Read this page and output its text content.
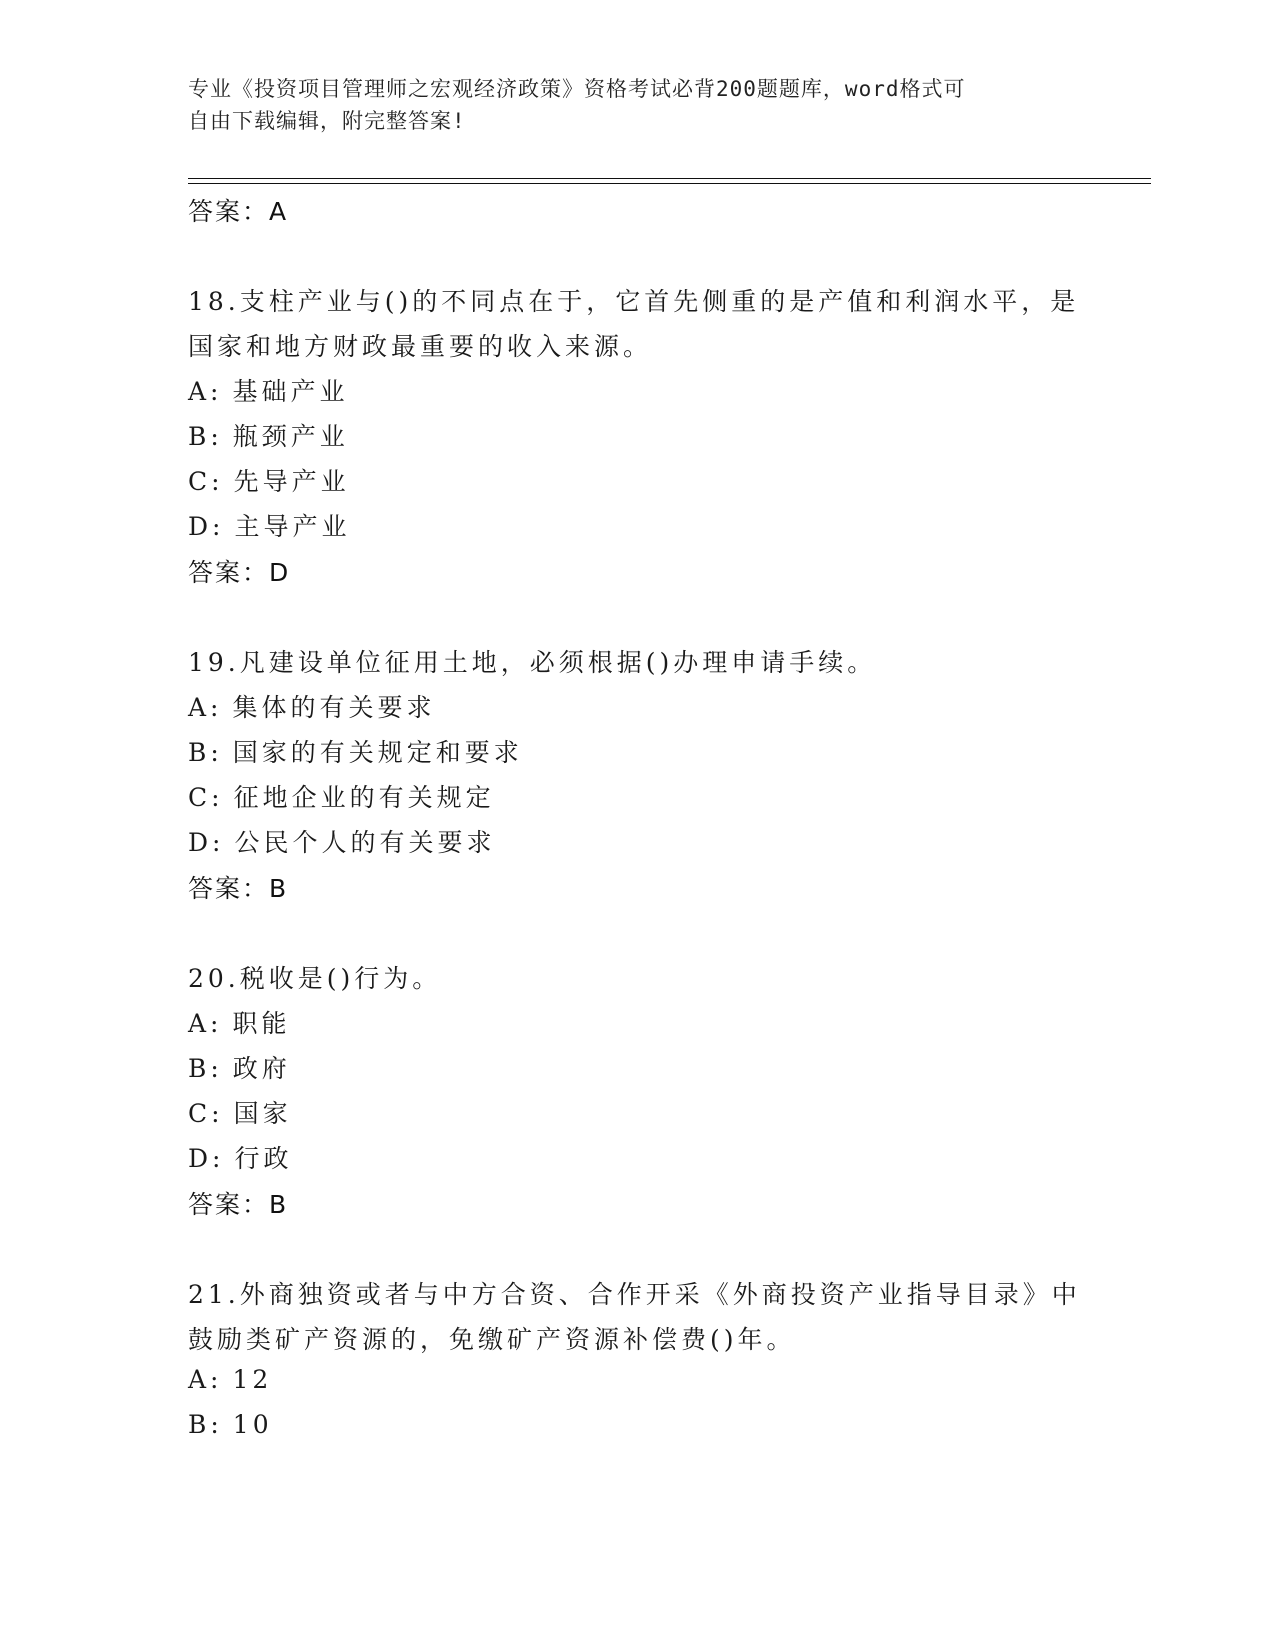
专业《投资项目管理师之宏观经济政策》资格考试必背200题题库，word格式可
自由下载编辑，附完整答案!
答案：A
18.支柱产业与()的不同点在于，它首先侧重的是产值和利润水平，是
国家和地方财政最重要的收入来源。
A: 基础产业
B: 瓶颈产业
C: 先导产业
D: 主导产业
答案：D
19.凡建设单位征用土地，必须根据()办理申请手续。
A: 集体的有关要求
B: 国家的有关规定和要求
C: 征地企业的有关规定
D: 公民个人的有关要求
答案：B
20.税收是()行为。
A: 职能
B: 政府
C: 国家
D: 行政
答案：B
21.外商独资或者与中方合资、合作开采《外商投资产业指导目录》中
鼓励类矿产资源的，免缴矿产资源补偿费()年。
A: 12
B: 10
